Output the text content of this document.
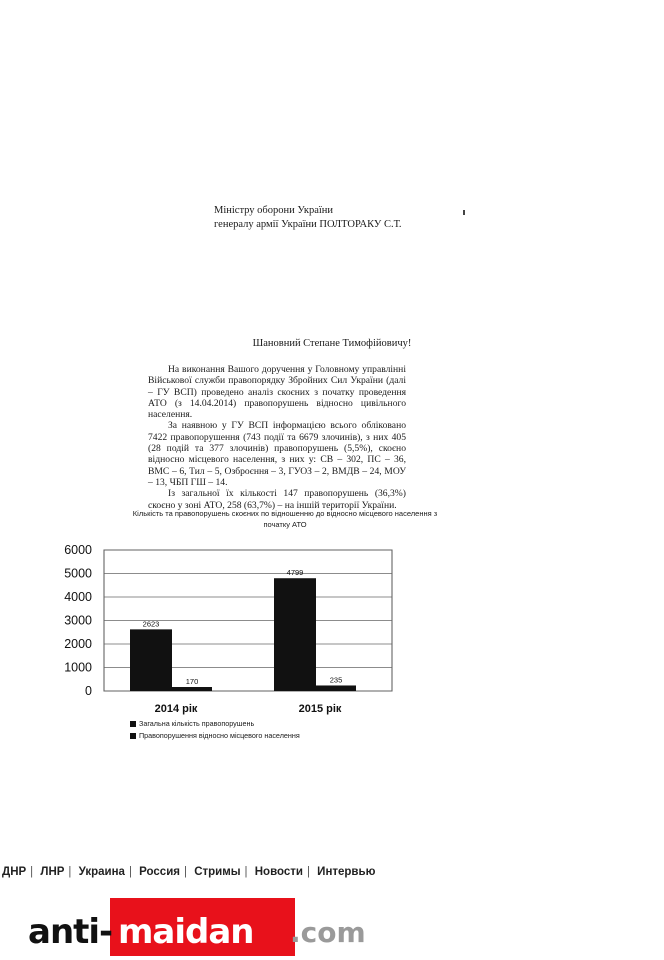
Міністру оборони України
генералу армії України ПОЛТОРАКУ С.Т.
Шановний Степане Тимофійовичу!

На виконання Вашого доручення у Головному управлінні Військової служби правопорядку Збройних Сил України (далі – ГУ ВСП) проведено аналіз скоєних з початку проведення АТО (з 14.04.2014) правопорушень відносно цивільного населення.

За наявною у ГУ ВСП інформацією всього обліковано 7422 правопорушення (743 події та 6679 злочинів), з них 405 (28 подій та 377 злочинів) правопорушень (5,5%), скоєно відносно місцевого населення, з них у: СВ – 302, ПС – 36, ВМС – 6, Тил – 5, Озброєння – 3, ГУОЗ – 2, ВМДВ – 24, МОУ – 13, ЧБП ГШ – 14.

Із загальної їх кількості 147 правопорушень (36,3%) скоєно у зоні АТО, 258 (63,7%) – на іншій території України.

Кількість та правопорушень скоєних по відношенню до відносно місцевого населення з початку АТО
0
1000
2000
3000
4000
5000
6000
2623
170
2014 рік
4799
235
2015 рік
Загальна кількість правопорушень
Правопорушення відносно місцевого населення
ДНР | ЛНР | Украина | Россия | Стримы | Новости | Интервью
anti- maidan .com
